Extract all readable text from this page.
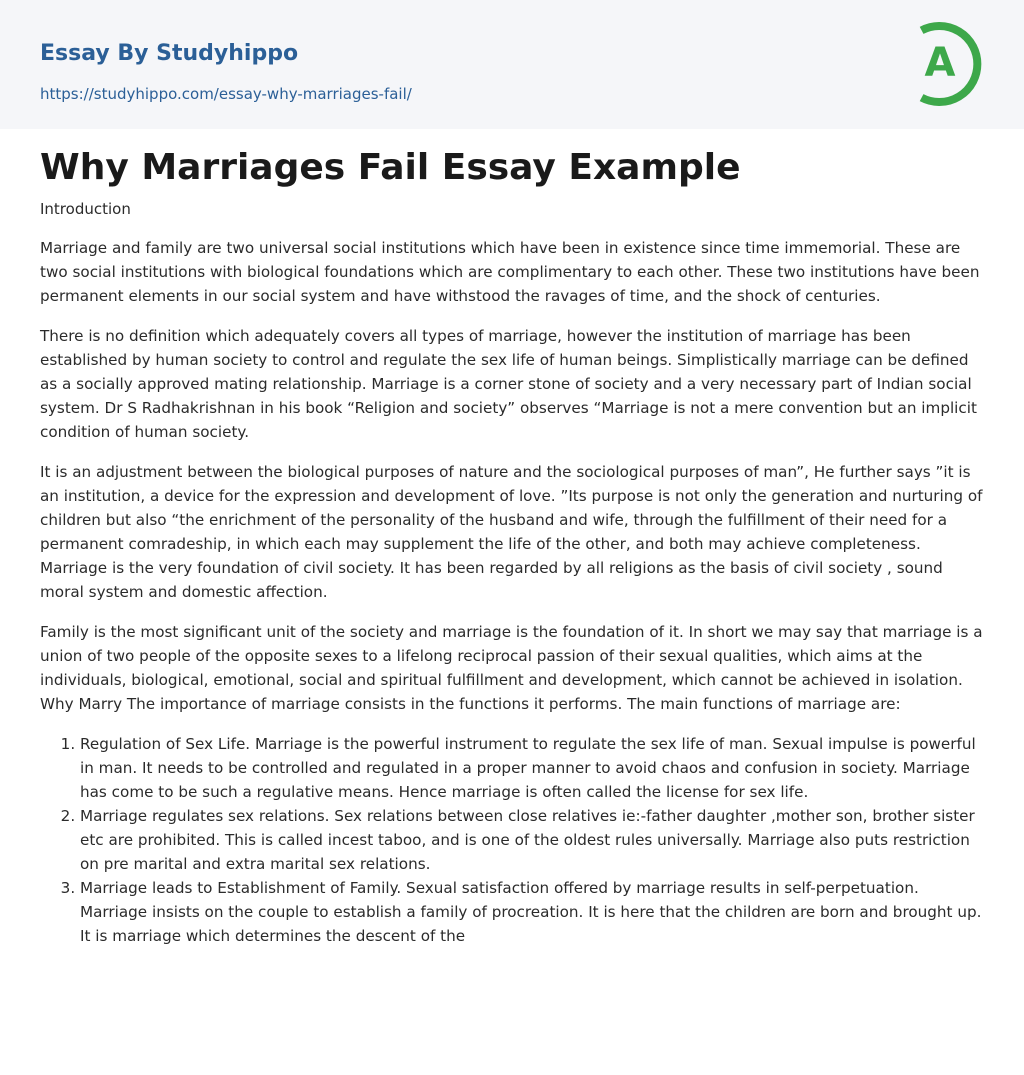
Essay By Studyhippo
https://studyhippo.com/essay-why-marriages-fail/
A
Why Marriages Fail Essay Example
Introduction

Marriage and family are two universal social institutions which have been in existence since time immemorial. These are two social institutions with biological foundations which are complimentary to each other. These two institutions have been permanent elements in our social system and have withstood the ravages of time, and the shock of centuries.

There is no definition which adequately covers all types of marriage, however the institution of marriage has been established by human society to control and regulate the sex life of human beings. Simplistically marriage can be defined as a socially approved mating relationship. Marriage is a corner stone of society and a very necessary part of Indian social system. Dr S Radhakrishnan in his book “Religion and society” observes “Marriage is not a mere convention but an implicit condition of human society.

It is an adjustment between the biological purposes of nature and the sociological purposes of man”, He further says ”it is an institution, a device for the expression and development of love. ”Its purpose is not only the generation and nurturing of children but also “the enrichment of the personality of the husband and wife, through the fulfillment of their need for a permanent comradeship, in which each may supplement the life of the other, and both may achieve completeness. Marriage is the very foundation of civil society. It has been regarded by all religions as the basis of civil society , sound moral system and domestic affection.

Family is the most significant unit of the society and marriage is the foundation of it. In short we may say that marriage is a union of two people of the opposite sexes to a lifelong reciprocal passion of their sexual qualities, which aims at the individuals, biological, emotional, social and spiritual fulfillment and development, which cannot be achieved in isolation. Why Marry The importance of marriage consists in the functions it performs. The main functions of marriage are:

1. Regulation of Sex Life. Marriage is the powerful instrument to regulate the sex life of man. Sexual impulse is powerful in man. It needs to be controlled and regulated in a proper manner to avoid chaos and confusion in society. Marriage has come to be such a regulative means. Hence marriage is often called the license for sex life.
2. Marriage regulates sex relations. Sex relations between close relatives ie:-father daughter ,mother son, brother sister etc are prohibited. This is called incest taboo, and is one of the oldest rules universally. Marriage also puts restriction on pre marital and extra marital sex relations.
3. Marriage leads to Establishment of Family. Sexual satisfaction offered by marriage results in self-perpetuation. Marriage insists on the couple to establish a family of procreation. It is here that the children are born and brought up. It is marriage which determines the descent of the
